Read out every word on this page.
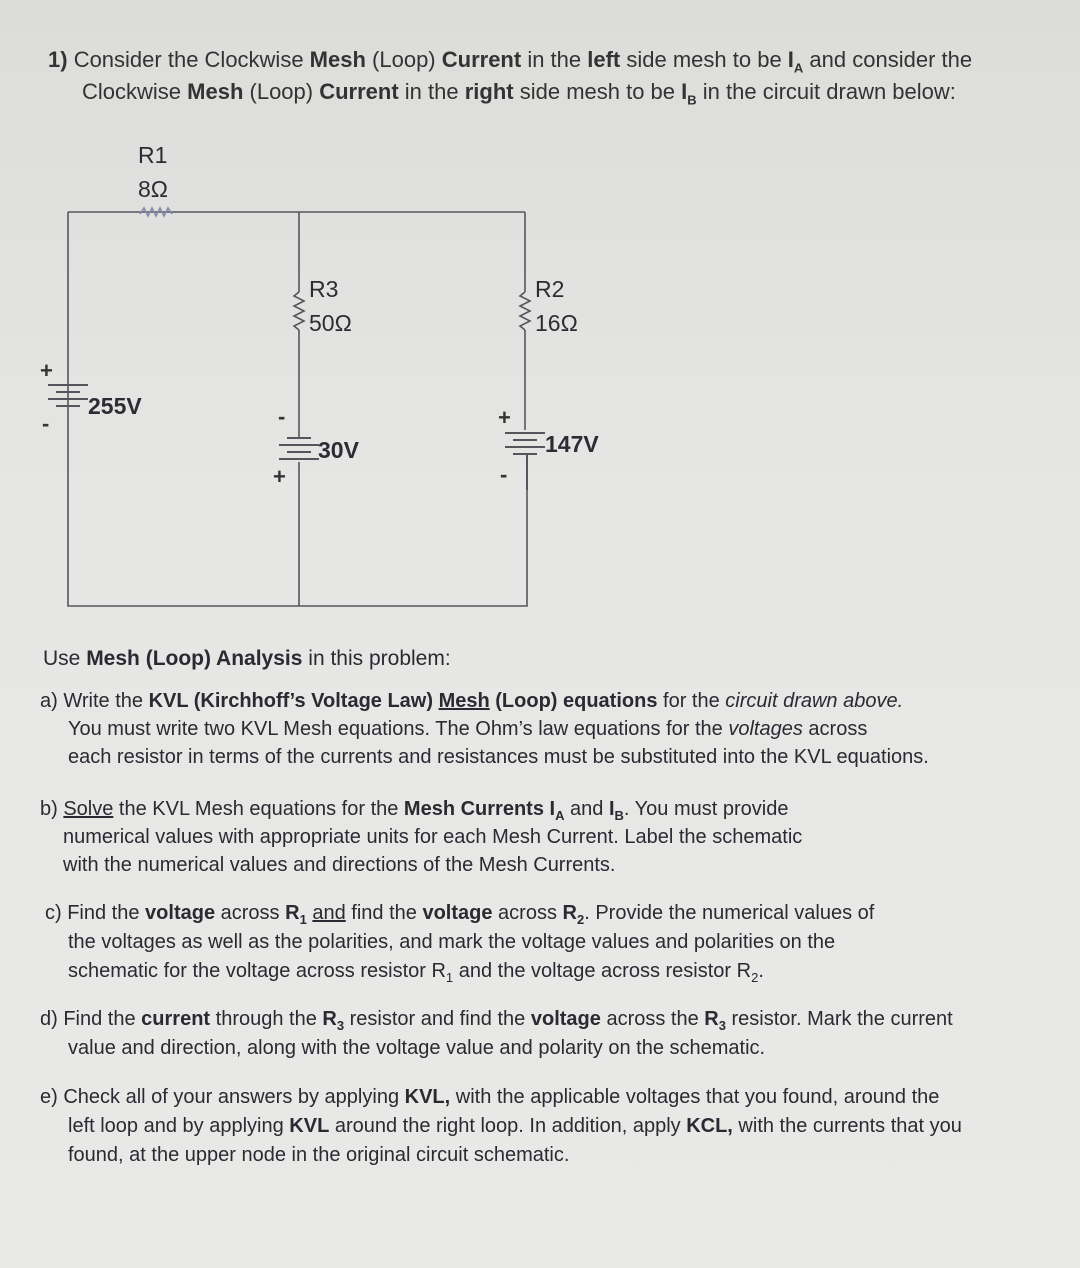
1) Consider the Clockwise Mesh (Loop) Current in the left side mesh to be $I_A$ and consider the
Clockwise Mesh (Loop) Current in the right side mesh to be $I_B$ in the circuit drawn below:
R1
8Ω
R3
50Ω
R2
16Ω
255V
+
-
30V
-
+
147V
+
-
Use Mesh (Loop) Analysis in this problem:
a) Write the KVL (Kirchhoff’s Voltage Law) Mesh (Loop) equations for the circuit drawn above.
You must write two KVL Mesh equations. The Ohm’s law equations for the voltages across
each resistor in terms of the currents and resistances must be substituted into the KVL equations.
b) Solve the KVL Mesh equations for the Mesh Currents $I_A$ and $I_B$. You must provide
numerical values with appropriate units for each Mesh Current. Label the schematic
with the numerical values and directions of the Mesh Currents.
c) Find the voltage across $R_1$ and find the voltage across $R_2$. Provide the numerical values of
the voltages as well as the polarities, and mark the voltage values and polarities on the
schematic for the voltage across resistor $R_1$ and the voltage across resistor $R_2$.
d) Find the current through the $R_3$ resistor and find the voltage across the $R_3$ resistor. Mark the current
value and direction, along with the voltage value and polarity on the schematic.
e) Check all of your answers by applying KVL, with the applicable voltages that you found, around the
left loop and by applying KVL around the right loop. In addition, apply KCL, with the currents that you
found, at the upper node in the original circuit schematic.
